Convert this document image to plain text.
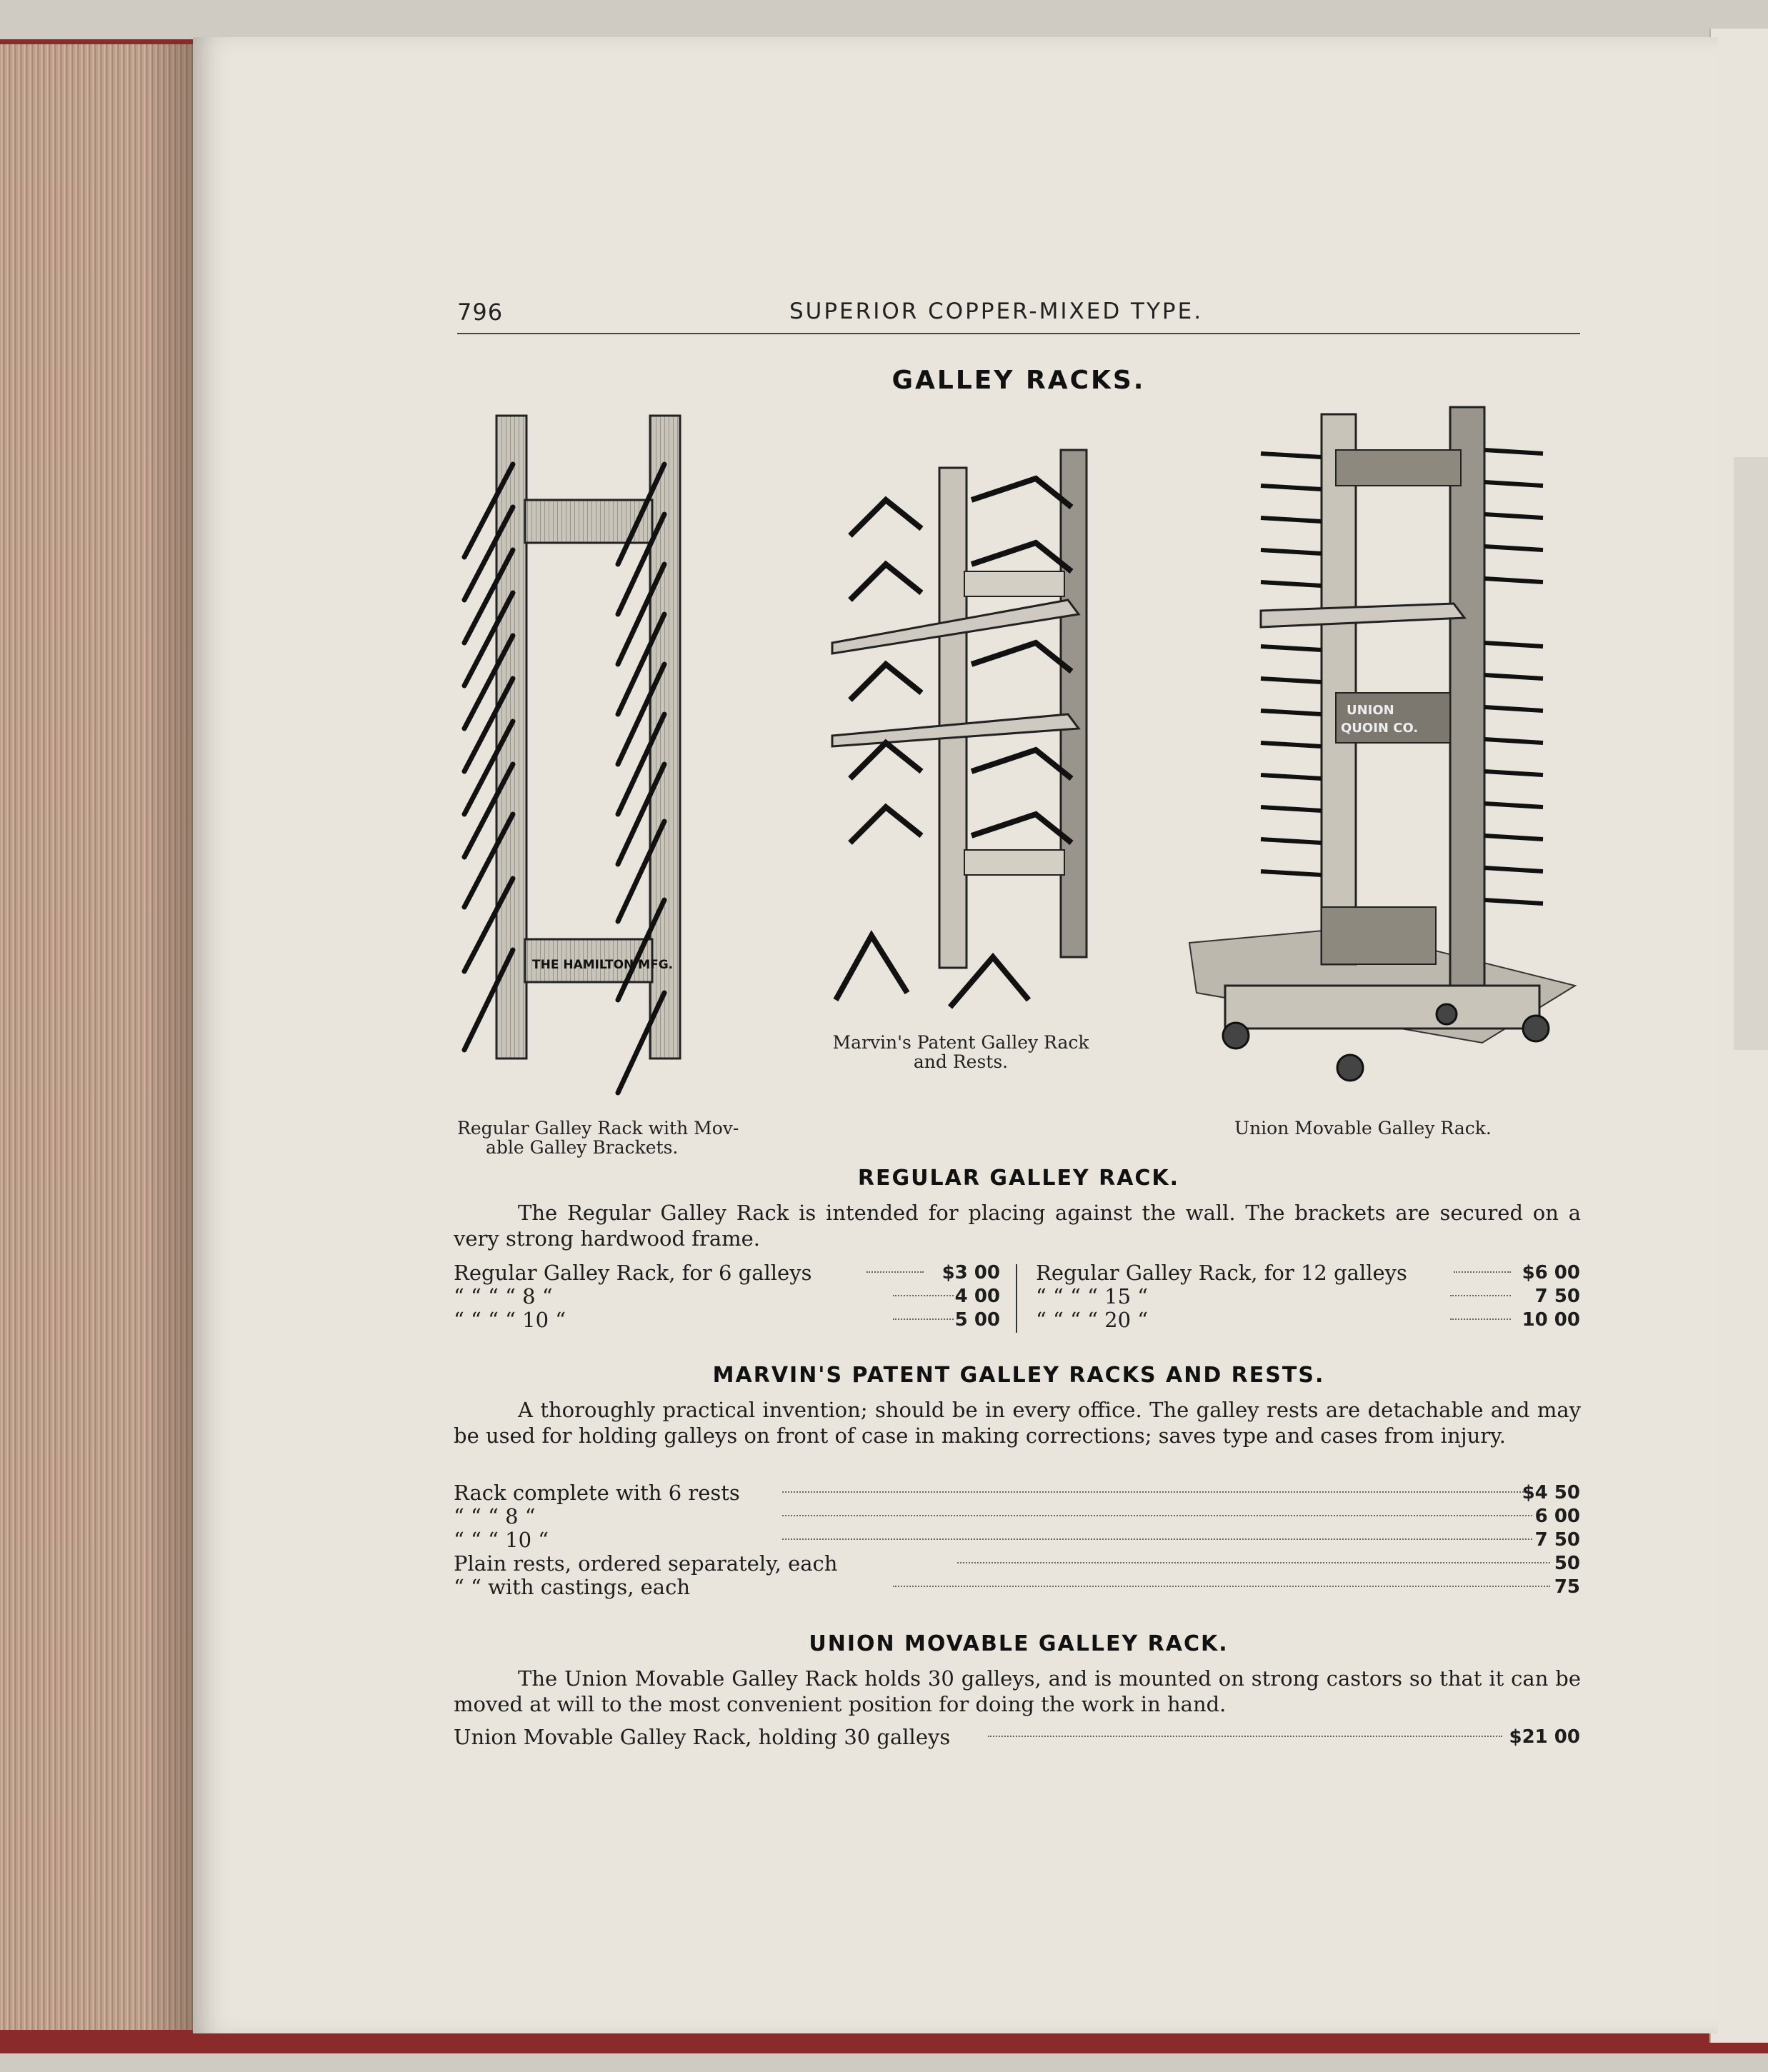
796	SUPERIOR COPPER-MIXED TYPE.
GALLEY RACKS.
THE HAMILTON MFG.
Regular Galley Rack with Mov-
able Galley Brackets.
Marvin's Patent Galley Rack
and Rests.
UNION
QUOIN CO.
Union Movable Galley Rack.
REGULAR GALLEY RACK.
The Regular Galley Rack is intended for placing against the wall. The brackets are secured on a very strong hardwood frame.
Regular Galley Rack, for 6 galleys	$3 00
“ “ “ “ 8 “	4 00
“ “ “ “ 10 “	5 00
Regular Galley Rack, for 12 galleys	$6 00
“ “ “ “ 15 “	7 50
“ “ “ “ 20 “	10 00
MARVIN'S PATENT GALLEY RACKS AND RESTS.
A thoroughly practical invention; should be in every office. The galley rests are detachable and may be used for holding galleys on front of case in making corrections; saves type and cases from injury.
Rack complete with 6 rests	$4 50
“ “ “ 8 “	6 00
“ “ “ 10 “	7 50
Plain rests, ordered separately, each	50
“ “ with castings, each	75
UNION MOVABLE GALLEY RACK.
The Union Movable Galley Rack holds 30 galleys, and is mounted on strong castors so that it can be moved at will to the most convenient position for doing the work in hand.
Union Movable Galley Rack, holding 30 galleys	$21 00
